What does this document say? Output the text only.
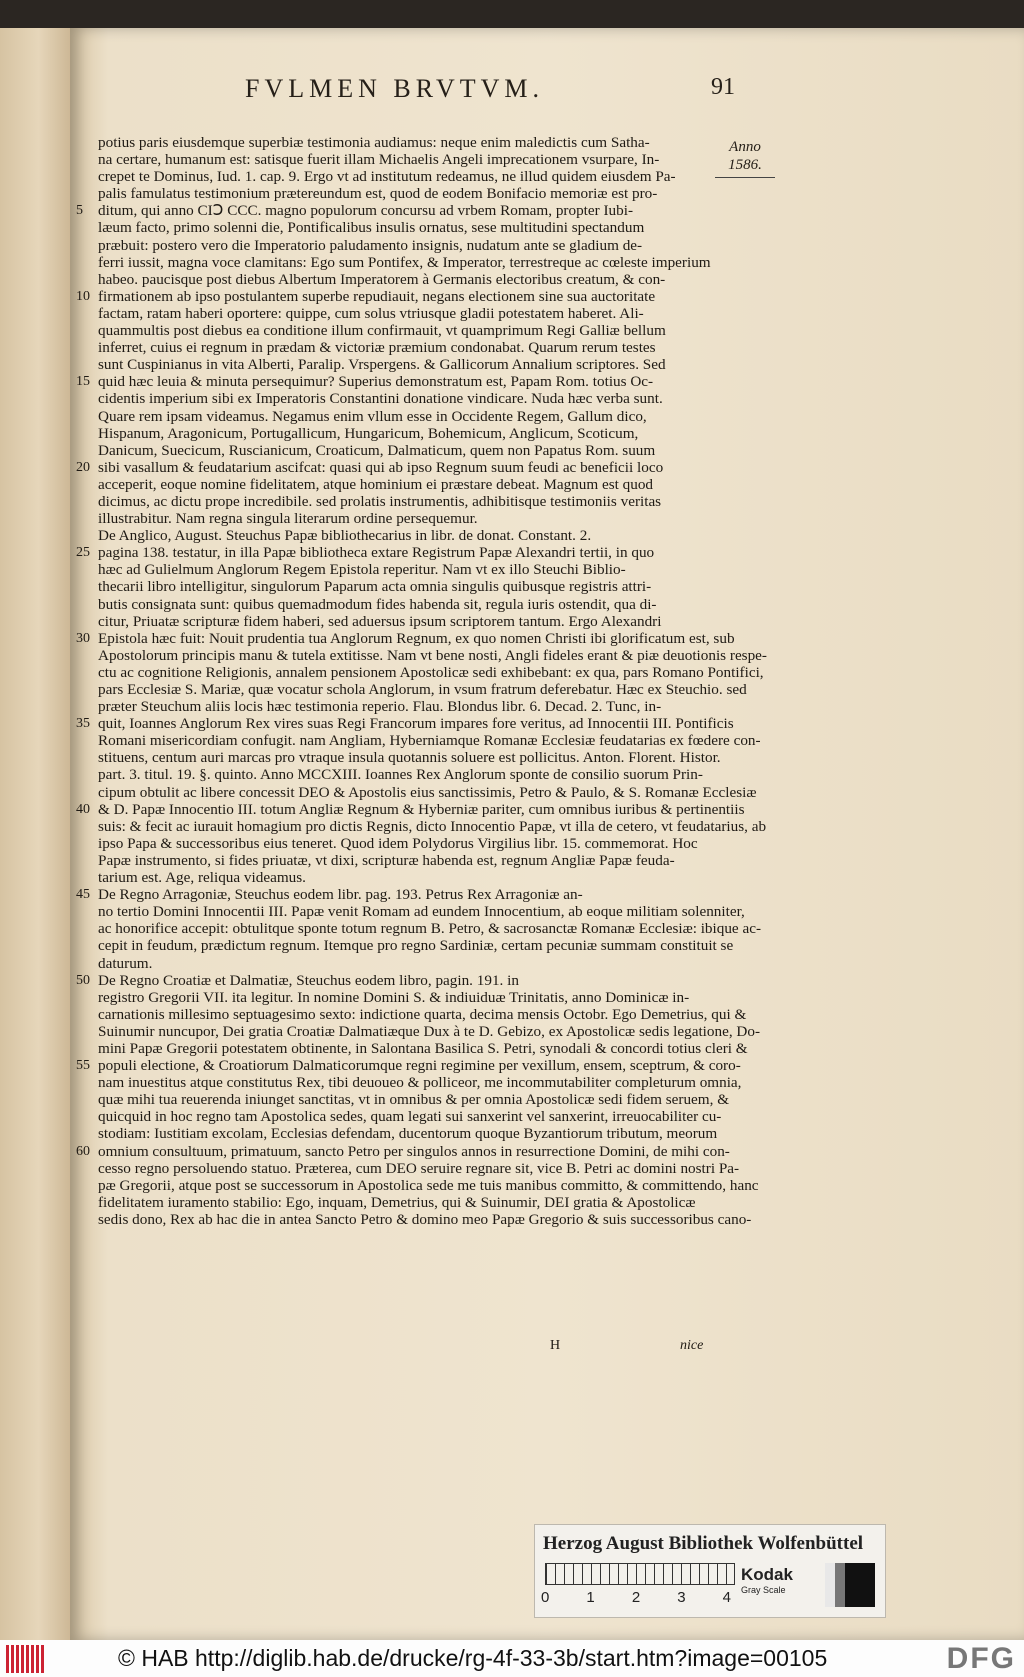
FVLMEN BRVTVM.	91
Anno
1586.
potius paris eiusdemque superbiæ testimonia audiamus: neque enim maledictis cum Satha-
na certare, humanum est: satisque fuerit illam Michaelis Angeli imprecationem vsurpare, In-
crepet te Dominus, Iud. 1. cap. 9. Ergo vt ad institutum redeamus, ne illud quidem eiusdem Pa-
palis famulatus testimonium prætereundum est, quod de eodem Bonifacio memoriæ est pro-
5 ditum, qui anno CIↃ CCC. magno populorum concursu ad vrbem Romam, propter Iubi-
læum facto, primo solenni die, Pontificalibus insulis ornatus, sese multitudini spectandum
præbuit: postero vero die Imperatorio paludamento insignis, nudatum ante se gladium de-
ferri iussit, magna voce clamitans: Ego sum Pontifex, & Imperator, terrestreque ac cœleste imperium
habeo. paucisque post diebus Albertum Imperatorem à Germanis electoribus creatum, & con-
10 firmationem ab ipso postulantem superbe repudiauit, negans electionem sine sua auctoritate
factam, ratam haberi oportere: quippe, cum solus vtriusque gladii potestatem haberet. Ali-
quammultis post diebus ea conditione illum confirmauit, vt quamprimum Regi Galliæ bellum
inferret, cuius ei regnum in prædam & victoriæ præmium condonabat. Quarum rerum testes
sunt Cuspinianus in vita Alberti, Paralip. Vrspergens. & Gallicorum Annalium scriptores. Sed
15 quid hæc leuia & minuta persequimur? Superius demonstratum est, Papam Rom. totius Oc-
cidentis imperium sibi ex Imperatoris Constantini donatione vindicare. Nuda hæc verba sunt.
Quare rem ipsam videamus. Negamus enim vllum esse in Occidente Regem, Gallum dico,
Hispanum, Aragonicum, Portugallicum, Hungaricum, Bohemicum, Anglicum, Scoticum,
Danicum, Suecicum, Ruscianicum, Croaticum, Dalmaticum, quem non Papatus Rom. suum
20 sibi vasallum & feudatarium ascifcat: quasi qui ab ipso Regnum suum feudi ac beneficii loco
acceperit, eoque nomine fidelitatem, atque hominium ei præstare debeat. Magnum est quod
dicimus, ac dictu prope incredibile. sed prolatis instrumentis, adhibitisque testimoniis veritas
illustrabitur. Nam regna singula literarum ordine persequemur.
De Anglico, August. Steuchus Papæ bibliothecarius in libr. de donat. Constant. 2.
25 pagina 138. testatur, in illa Papæ bibliotheca extare Registrum Papæ Alexandri tertii, in quo
hæc ad Gulielmum Anglorum Regem Epistola reperitur. Nam vt ex illo Steuchi Biblio-
thecarii libro intelligitur, singulorum Paparum acta omnia singulis quibusque registris attri-
butis consignata sunt: quibus quemadmodum fides habenda sit, regula iuris ostendit, qua di-
citur, Priuatæ scripturæ fidem haberi, sed aduersus ipsum scriptorem tantum. Ergo Alexandri
30 Epistola hæc fuit: Nouit prudentia tua Anglorum Regnum, ex quo nomen Christi ibi glorificatum est, sub
Apostolorum principis manu & tutela extitisse. Nam vt bene nosti, Angli fideles erant & piæ deuotionis respe-
ctu ac cognitione Religionis, annalem pensionem Apostolicæ sedi exhibebant: ex qua, pars Romano Pontifici,
pars Ecclesiæ S. Mariæ, quæ vocatur schola Anglorum, in vsum fratrum deferebatur. Hæc ex Steuchio. sed
præter Steuchum aliis locis hæc testimonia reperio. Flau. Blondus libr. 6. Decad. 2. Tunc, in-
35 quit, Ioannes Anglorum Rex vires suas Regi Francorum impares fore veritus, ad Innocentii III. Pontificis
Romani misericordiam confugit. nam Angliam, Hyberniamque Romanæ Ecclesiæ feudatarias ex fœdere con-
stituens, centum auri marcas pro vtraque insula quotannis soluere est pollicitus. Anton. Florent. Histor.
part. 3. titul. 19. §. quinto. Anno MCCXIII. Ioannes Rex Anglorum sponte de consilio suorum Prin-
cipum obtulit ac libere concessit DEO & Apostolis eius sanctissimis, Petro & Paulo, & S. Romanæ Ecclesiæ
40 & D. Papæ Innocentio III. totum Angliæ Regnum & Hyberniæ pariter, cum omnibus iuribus & pertinentiis
suis: & fecit ac iurauit homagium pro dictis Regnis, dicto Innocentio Papæ, vt illa de cetero, vt feudatarius, ab
ipso Papa & successoribus eius teneret. Quod idem Polydorus Virgilius libr. 15. commemorat. Hoc
Papæ instrumento, si fides priuatæ, vt dixi, scripturæ habenda est, regnum Angliæ Papæ feuda-
tarium est. Age, reliqua videamus.
45 De Regno Arragoniæ, Steuchus eodem libr. pag. 193. Petrus Rex Arragoniæ an-
no tertio Domini Innocentii III. Papæ venit Romam ad eundem Innocentium, ab eoque militiam solenniter,
ac honorifice accepit: obtulitque sponte totum regnum B. Petro, & sacrosanctæ Romanæ Ecclesiæ: ibique ac-
cepit in feudum, prædictum regnum. Itemque pro regno Sardiniæ, certam pecuniæ summam constituit se
daturum.
50 De Regno Croatiæ et Dalmatiæ, Steuchus eodem libro, pagin. 191. in
registro Gregorii VII. ita legitur. In nomine Domini S. & indiuiduæ Trinitatis, anno Dominicæ in-
carnationis millesimo septuagesimo sexto: indictione quarta, decima mensis Octobr. Ego Demetrius, qui &
Suinumir nuncupor, Dei gratia Croatiæ Dalmatiæque Dux à te D. Gebizo, ex Apostolicæ sedis legatione, Do-
mini Papæ Gregorii potestatem obtinente, in Salontana Basilica S. Petri, synodali & concordi totius cleri &
55 populi electione, & Croatiorum Dalmaticorumque regni regimine per vexillum, ensem, sceptrum, & coro-
nam inuestitus atque constitutus Rex, tibi deuoueo & polliceor, me incommutabiliter completurum omnia,
quæ mihi tua reuerenda iniunget sanctitas, vt in omnibus & per omnia Apostolicæ sedi fidem seruem, &
quicquid in hoc regno tam Apostolica sedes, quam legati sui sanxerint vel sanxerint, irreuocabiliter cu-
stodiam: Iustitiam excolam, Ecclesias defendam, ducentorum quoque Byzantiorum tributum, meorum
60 omnium consultuum, primatuum, sancto Petro per singulos annos in resurrectione Domini, de mihi con-
cesso regno persoluendo statuo. Præterea, cum DEO seruire regnare sit, vice B. Petri ac domini nostri Pa-
pæ Gregorii, atque post se successorum in Apostolica sede me tuis manibus committo, & committendo, hanc
fidelitatem iuramento stabilio: Ego, inquam, Demetrius, qui & Suinumir, DEI gratia & Apostolicæ
sedis dono, Rex ab hac die in antea Sancto Petro & domino meo Papæ Gregorio & suis successoribus cano-
H	nice
Herzog August Bibliothek Wolfenbüttel
0 1 2 3 4
Kodak
Gray Scale
© HAB http://diglib.hab.de/drucke/rg-4f-33-3b/start.htm?image=00105	DFG
